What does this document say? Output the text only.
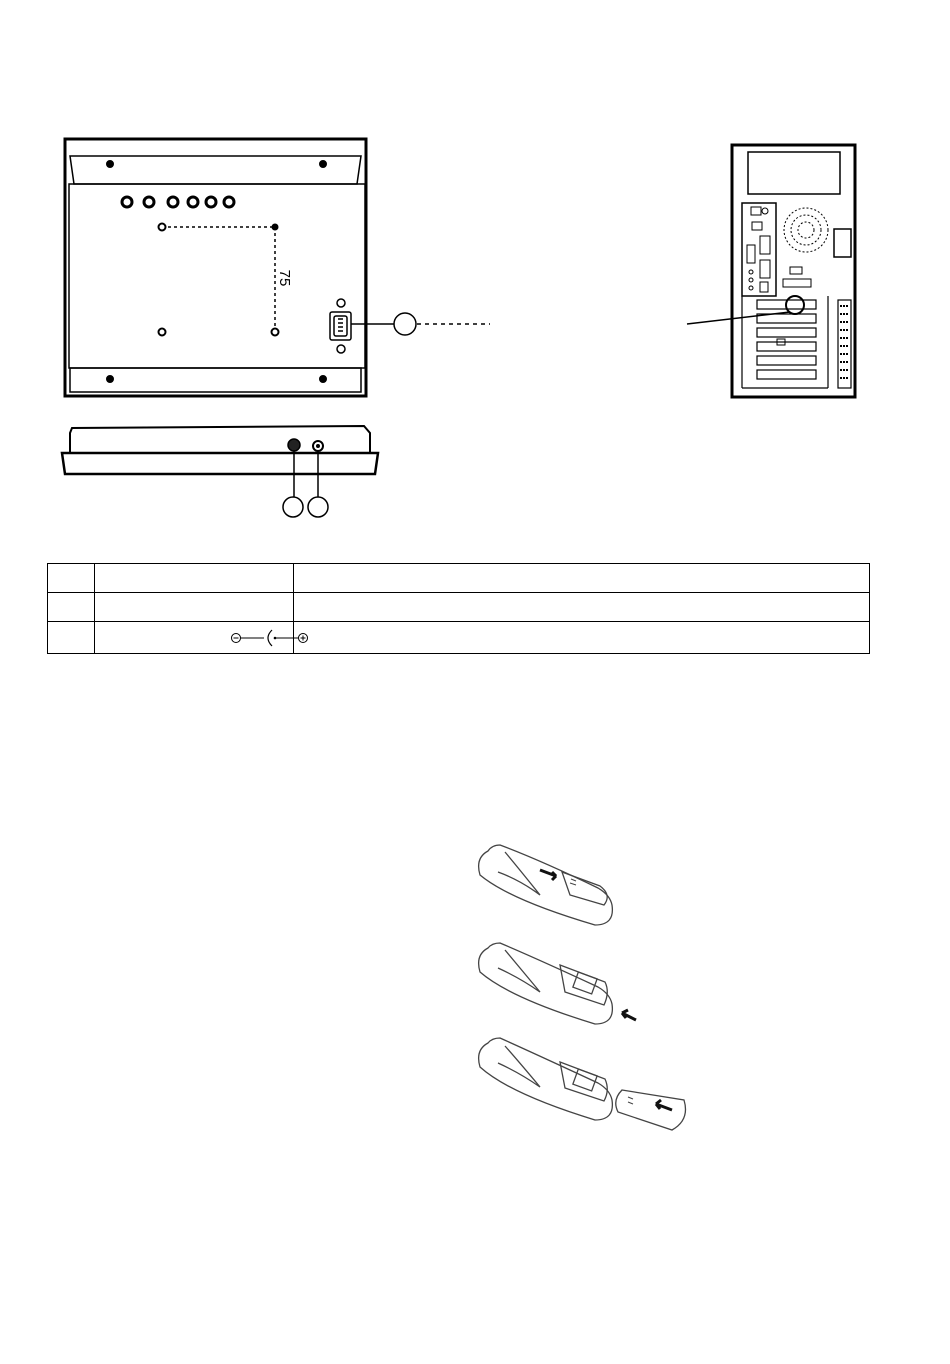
75
